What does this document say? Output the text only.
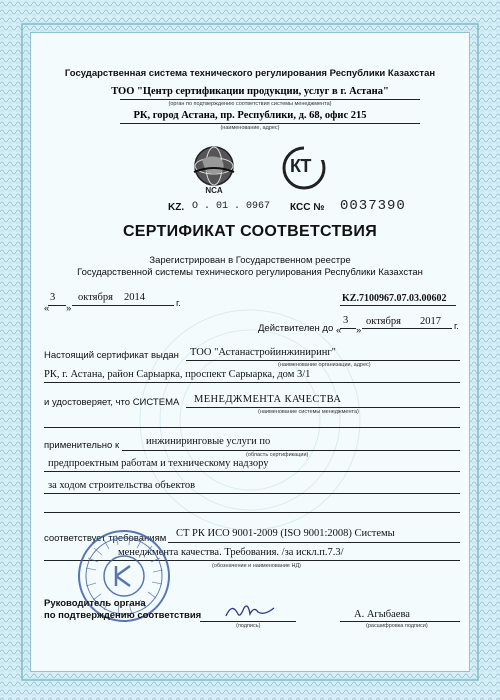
Государственная система технического регулирования Республики Казахстан
ТОО "Центр сертификации продукции, услуг в г. Астана"
(орган по подтверждению соответствия системы менеджмента)
РК, город Астана, пр. Республики, д. 68, офис 215
(наименование, адрес)
NCA
КТ
KZ. О . 01 . 0967 КСС № 0037390
СЕРТИФИКАТ СООТВЕТСТВИЯ
Зарегистрирован в Государственном реестре
Государственной системы технического регулирования Республики Казахстан
«
3
»
октября 2014
г.	KZ.7100967.07.03.00602
Действителен до «
3
»
октября 2017 г.
Настоящий сертификат выдан ТОО "Астанастройинжиниринг"
(наименование организации, адрес)
РК, г. Астана, район Сарыарка, проспект Сарыарка, дом 3/1
и удостоверяет, что СИСТЕМА МЕНЕДЖМЕНТА КАЧЕСТВА
(наименование системы менеджмента)
применительно к	инжиниринговые услуги по
(область сертификации)
предпроектным работам и техническому надзору
за ходом строительства объектов
соответствует требованиям СТ РК ИСО 9001-2009 (ISO 9001:2008) Системы
менеджмента качества. Требования. /за искл.п.7.3/
(обозначение и наименование НД)
Руководитель органа
по подтверждению соответствия
(подпись)
А. Агыбаева
(расшифровка подписи)
